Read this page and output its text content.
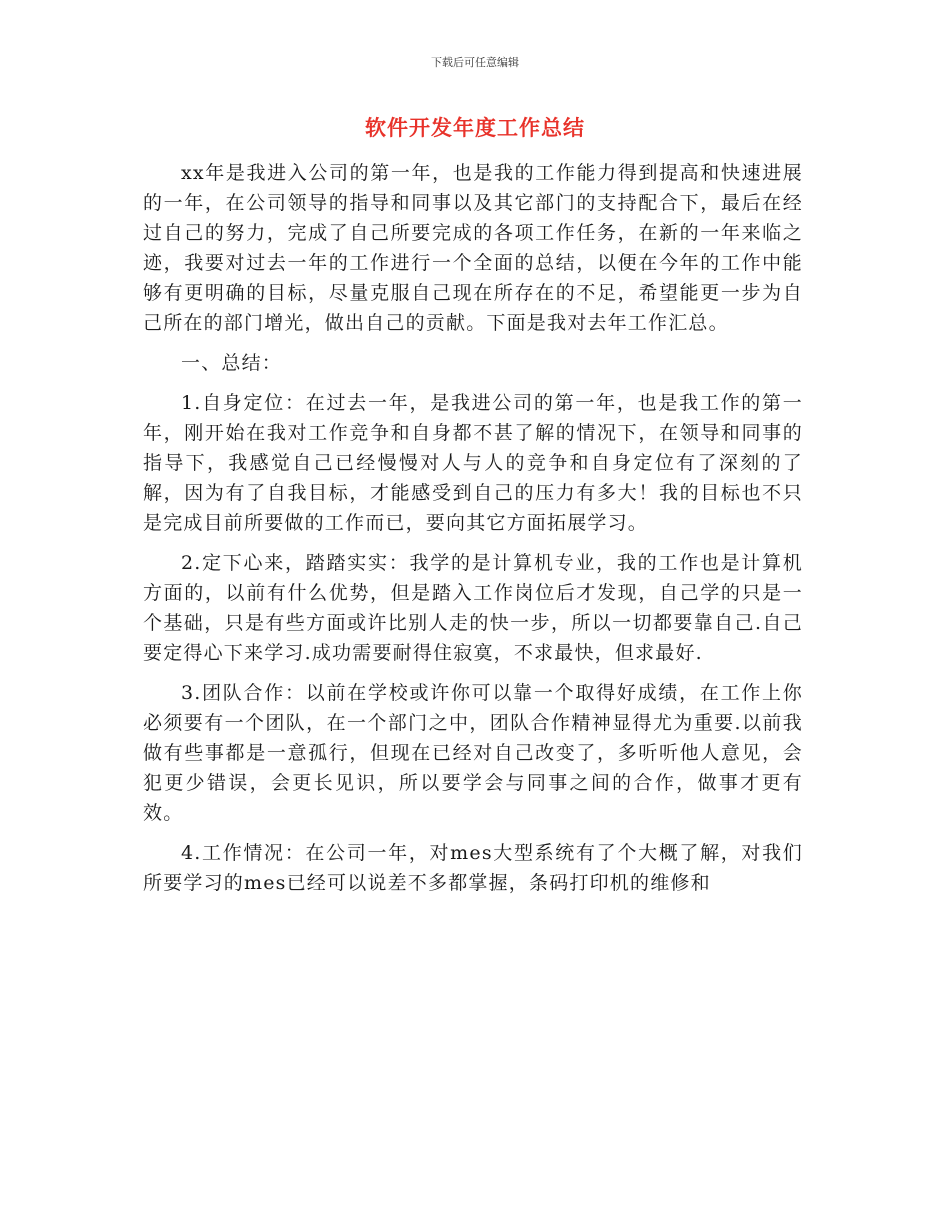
下载后可任意编辑
软件开发年度工作总结

xx年是我进入公司的第一年，也是我的工作能力得到提高和快速进展的一年，在公司领导的指导和同事以及其它部门的支持配合下，最后在经过自己的努力，完成了自己所要完成的各项工作任务，在新的一年来临之迹，我要对过去一年的工作进行一个全面的总结，以便在今年的工作中能够有更明确的目标，尽量克服自己现在所存在的不足，希望能更一步为自己所在的部门增光，做出自己的贡献。下面是我对去年工作汇总。

一、总结：

1.自身定位：在过去一年，是我进公司的第一年，也是我工作的第一年，刚开始在我对工作竞争和自身都不甚了解的情况下，在领导和同事的指导下，我感觉自己已经慢慢对人与人的竞争和自身定位有了深刻的了解，因为有了自我目标，才能感受到自己的压力有多大！我的目标也不只是完成目前所要做的工作而已，要向其它方面拓展学习。

2.定下心来，踏踏实实：我学的是计算机专业，我的工作也是计算机方面的，以前有什么优势，但是踏入工作岗位后才发现，自己学的只是一个基础，只是有些方面或许比别人走的快一步，所以一切都要靠自己.自己要定得心下来学习.成功需要耐得住寂寞，不求最快，但求最好.

3.团队合作：以前在学校或许你可以靠一个取得好成绩，在工作上你必须要有一个团队，在一个部门之中，团队合作精神显得尤为重要.以前我做有些事都是一意孤行，但现在已经对自己改变了，多听听他人意见，会犯更少错误，会更长见识，所以要学会与同事之间的合作，做事才更有效。

4.工作情况：在公司一年，对mes大型系统有了个大概了解，对我们所要学习的mes已经可以说差不多都掌握，条码打印机的维修和
